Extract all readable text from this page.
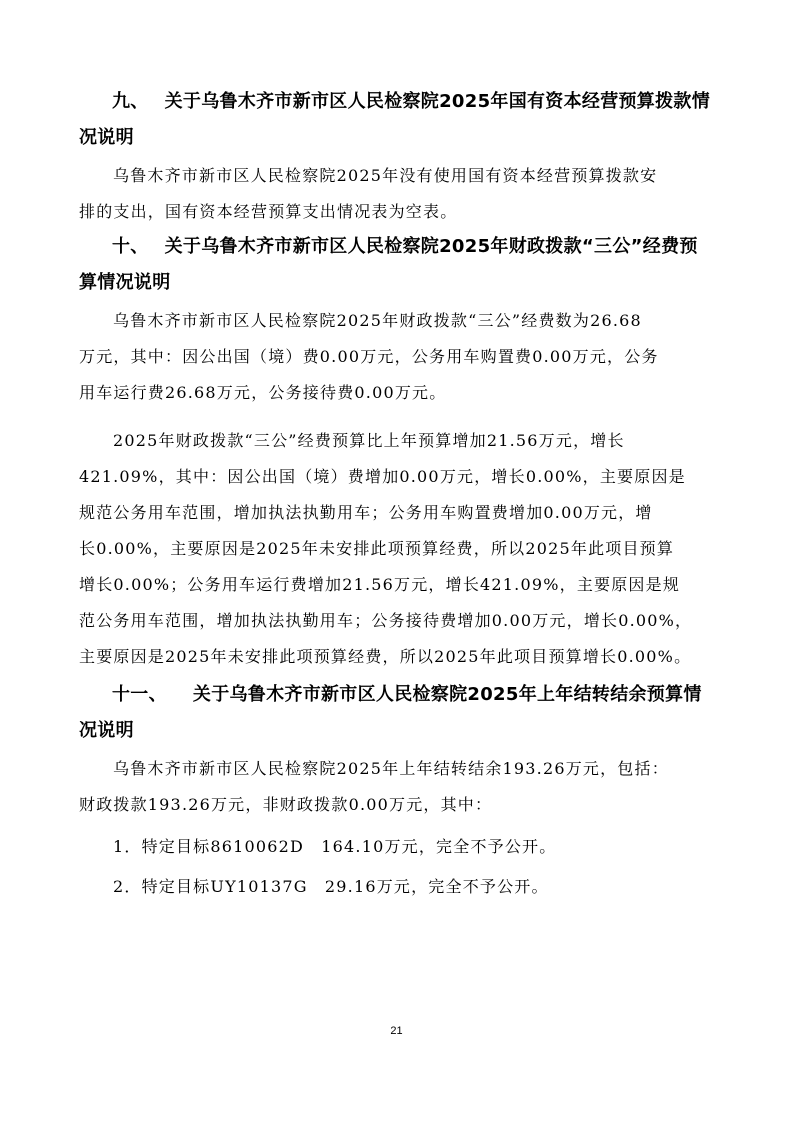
九、 关于乌鲁木齐市新市区人民检察院2025年国有资本经营预算拨款情
况说明
乌鲁木齐市新市区人民检察院2025年没有使用国有资本经营预算拨款安
排的支出，国有资本经营预算支出情况表为空表。
十、 关于乌鲁木齐市新市区人民检察院2025年财政拨款“三公”经费预
算情况说明
乌鲁木齐市新市区人民检察院2025年财政拨款“三公”经费数为26.68
万元，其中：因公出国（境）费0.00万元，公务用车购置费0.00万元，公务
用车运行费26.68万元，公务接待费0.00万元。
2025年财政拨款“三公”经费预算比上年预算增加21.56万元，增长
421.09%，其中：因公出国（境）费增加0.00万元，增长0.00%，主要原因是
规范公务用车范围，增加执法执勤用车；公务用车购置费增加0.00万元，增
长0.00%，主要原因是2025年未安排此项预算经费，所以2025年此项目预算
增长0.00%；公务用车运行费增加21.56万元，增长421.09%，主要原因是规
范公务用车范围，增加执法执勤用车；公务接待费增加0.00万元，增长0.00%，
主要原因是2025年未安排此项预算经费，所以2025年此项目预算增长0.00%。
十一、 关于乌鲁木齐市新市区人民检察院2025年上年结转结余预算情
况说明
乌鲁木齐市新市区人民检察院2025年上年结转结余193.26万元，包括：
财政拨款193.26万元，非财政拨款0.00万元，其中：
1．特定目标8610062D　164.10万元，完全不予公开。
2．特定目标UY10137G　29.16万元，完全不予公开。
21
